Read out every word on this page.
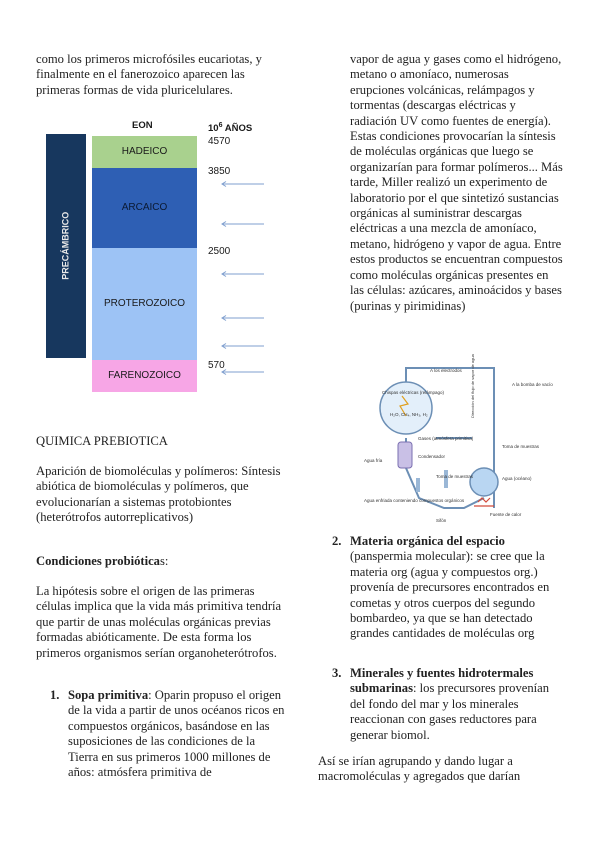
como los primeros microfósiles eucariotas, y finalmente en el fanerozoico aparecen las primeras formas de vida pluricelulares.

EON	$10^6$ AÑOS
PRECÁMBRICO
HADEICO
ARCAICO
PROTEROZOICO
FARENOZOICO
4570
3850
2500
570

QUIMICA PREBIOTICA

Aparición de biomoléculas y polímeros: Síntesis abiótica de biomoléculas y polímeros, que evolucionarían a sistemas protobiontes (heterótrofos autorreplicativos)

Condiciones probióticas:

La hipótesis sobre el origen de las primeras células implica que la vida más primitiva tendría que partir de unas moléculas orgánicas previas formadas abióticamente. De esta forma los primeros organismos serían organoheterótrofos.

1. Sopa primitiva: Oparin propuso el origen de la vida a partir de unos océanos ricos en compuestos orgánicos, basándose en las suposiciones de las condiciones de la Tierra en sus primeros 1000 millones de años: atmósfera primitiva de

vapor de agua y gases como el hidrógeno, metano o amoníaco, numerosas erupciones volcánicas, relámpagos y tormentas (descargas eléctricas y radiación UV como fuentes de energía). Estas condiciones provocarían la síntesis de moléculas orgánicas que luego se organizarían para formar polímeros... Más tarde, Miller realizó un experimento de laboratorio por el que sintetizó sustancias orgánicas al suministrar descargas eléctricas a una mezcla de amoníaco, metano, hidrógeno y vapor de agua. Entre estos productos se encuentran compuestos como moléculas orgánicas presentes en las células: azúcares, aminoácidos y bases (purinas y pirimidinas)

A los electrodos
A la bomba de vacío
Chispas eléctricas (relámpago)
H₂O, CH₄, NH₃, H₂
Gases (atmósfera primitiva)
Condensador
Agua fría
Toma de muestras
Toma de muestras
Agua (océano)
Fuente de calor
Agua enfriada conteniendo compuestos orgánicos
Sifón
Dirección del flujo de vapor de agua
2. Materia orgánica del espacio
(panspermia molecular): se cree que la materia org (agua y compuestos org.) provenía de precursores encontrados en cometas y otros cuerpos del segundo bombardeo, ya que se han detectado grandes cantidades de moléculas org

3. Minerales y fuentes hidrotermales submarinas: los precursores provenían del fondo del mar y los minerales reaccionan con gases reductores para generar biomol.

Así se irían agrupando y dando lugar a macromoléculas y agregados que darían
